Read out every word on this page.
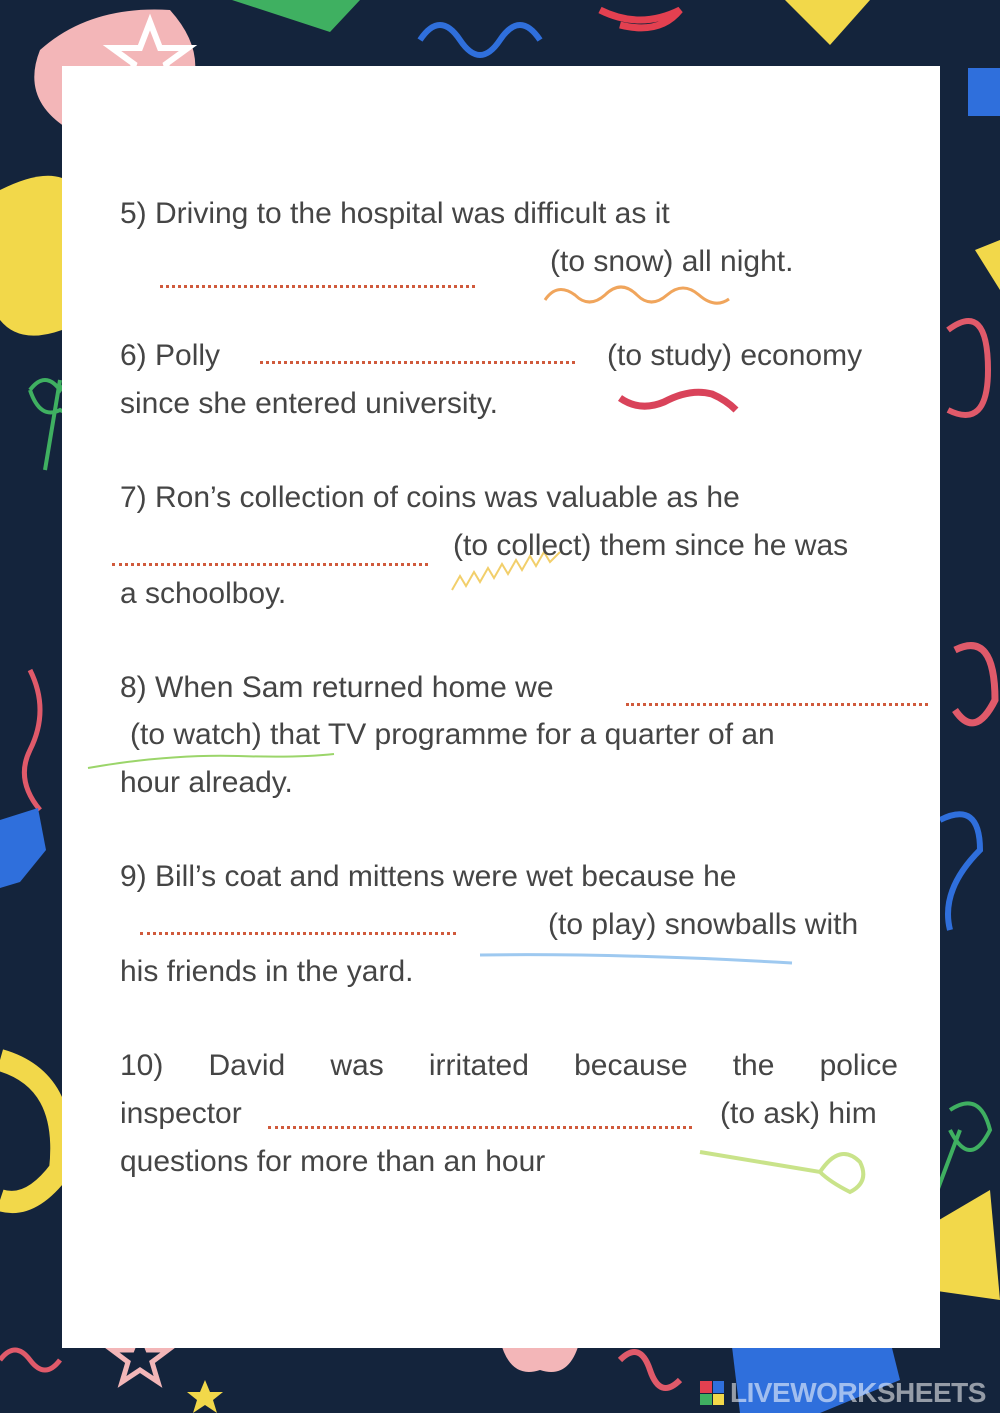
5) Driving to the hospital was difficult as it
(to snow) all night.
6) Polly	(to study) economy
since she entered university.
7) Ron’s collection of coins was valuable as he
(to collect) them since he was
a schoolboy.
8) When Sam returned home we
(to watch) that TV programme for a quarter of an
hour already.
9) Bill’s coat and mittens were wet because he
(to play) snowballs with
his friends in the yard.
10) David was irritated because the police
inspector	(to ask) him
questions for more than an hour
LIVEWORKSHEETS
